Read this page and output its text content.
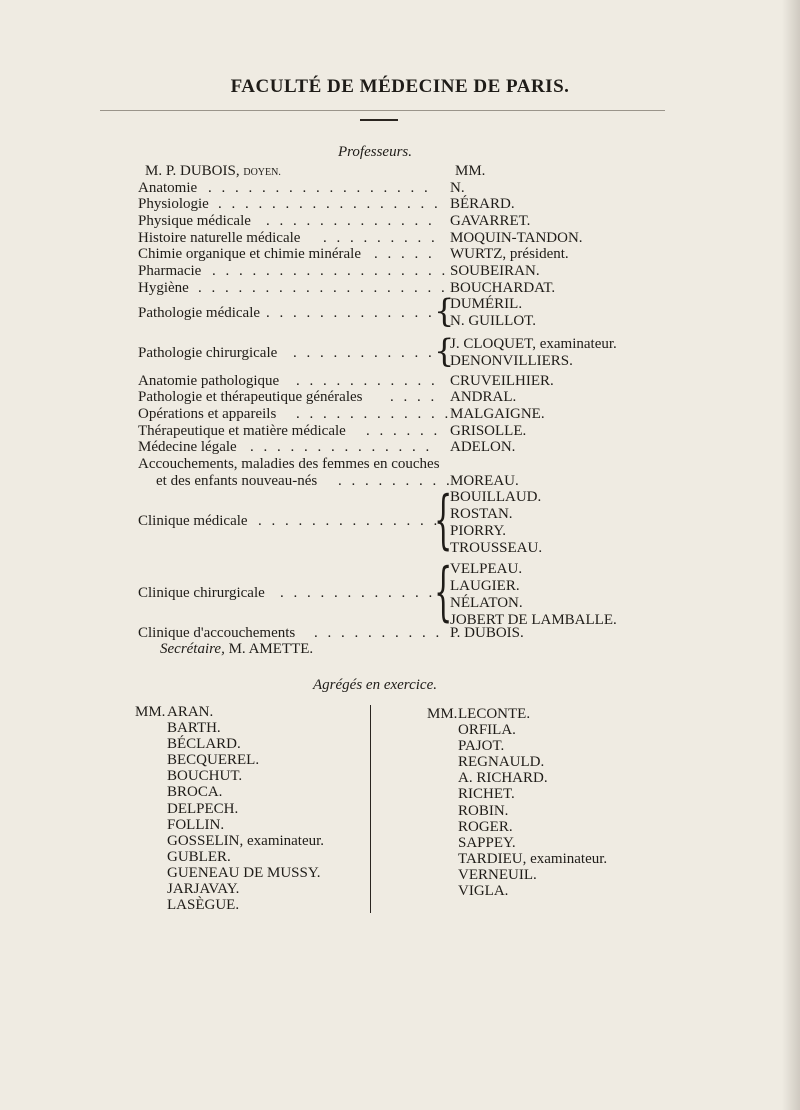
FACULTÉ DE MÉDECINE DE PARIS.
Professeurs.
M. P. DUBOIS, DOYEN.	MM.
Anatomie . . . . . . . . . . . . . . . . . N.
Physiologie . . . . . . . . . . . . . . . . . BÉRARD.
Physique médicale . . . . . . . . . . . . . GAVARRET.
Histoire naturelle médicale . . . . . . . . . MOQUIN-TANDON.
Chimie organique et chimie minérale . . . . . WURTZ, président.
Pharmacie . . . . . . . . . . . . . . . . . . SOUBEIRAN.
Hygiène . . . . . . . . . . . . . . . . . . . BOUCHARDAT.
Pathologie médicale . . . . . . . . . . . . . {
DUMÉRIL.
N. GUILLOT.
Pathologie chirurgicale . . . . . . . . . . . {
J. CLOQUET, examinateur.
DENONVILLIERS.
Anatomie pathologique . . . . . . . . . . . CRUVEILHIER.
Pathologie et thérapeutique générales . . . . ANDRAL.
Opérations et appareils . . . . . . . . . . . .
MALGAIGNE.
Thérapeutique et matière médicale . . . . . . GRISOLLE.
Médecine légale . . . . . . . . . . . . . . ADELON.
Accouchements, maladies des femmes en couches
et des enfants nouveau-nés . . . . . . . . .
MOREAU.
Clinique médicale . . . . . . . . . . . . . .
{
BOUILLAUD.
ROSTAN.
PIORRY.
TROUSSEAU.
Clinique chirurgicale . . . . . . . . . . . .
{
VELPEAU.
LAUGIER.
NÉLATON.
JOBERT DE LAMBALLE.
Clinique d'accouchements . . . . . . . . . . P. DUBOIS.
Secrétaire, M. AMETTE.
Agrégés en exercice.
MM. ARAN.
BARTH.
BÉCLARD.
BECQUEREL.
BOUCHUT.
BROCA.
DELPECH.
FOLLIN.
GOSSELIN, examinateur.
GUBLER.
GUENEAU DE MUSSY.
JARJAVAY.
LASÈGUE.
MM. LECONTE.
ORFILA.
PAJOT.
REGNAULD.
A. RICHARD.
RICHET.
ROBIN.
ROGER.
SAPPEY.
TARDIEU, examinateur.
VERNEUIL.
VIGLA.
